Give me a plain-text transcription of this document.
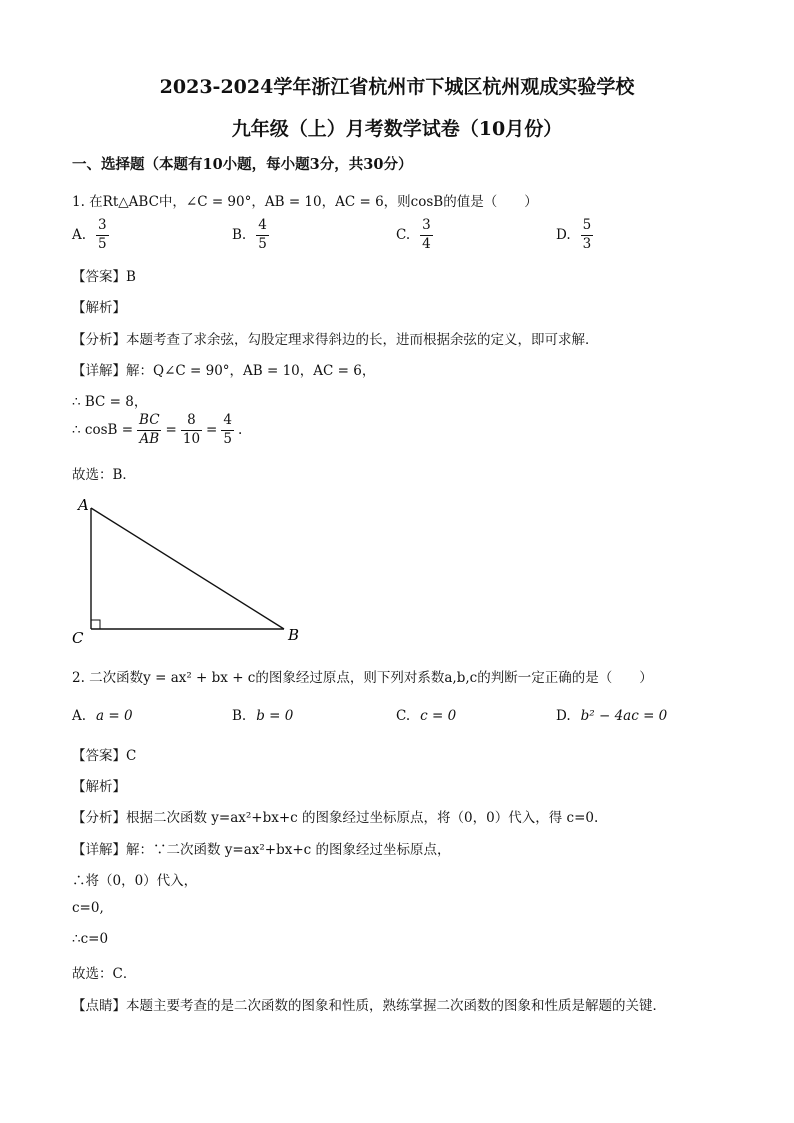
2023-2024学年浙江省杭州市下城区杭州观成实验学校
九年级（上）月考数学试卷（10月份）
一、选择题（本题有10小题，每小题3分，共30分）
1. 在Rt△ABC中，∠C = 90°，AB = 10，AC = 6，则cosB的值是（　　）
A. $\frac{3}{5}$	B. $\frac{4}{5}$	C. $\frac{3}{4}$	D. $\frac{5}{3}$
【答案】B
【解析】
【分析】本题考查了求余弦，勾股定理求得斜边的长，进而根据余弦的定义，即可求解．
【详解】解：Q∠C = 90°，AB = 10，AC = 6，
∴ BC = 8，
∴ $\cos B = \frac{BC}{AB} = \frac{8}{10} = \frac{4}{5}$ .
故选：B．
A
C	B
2. 二次函数y = ax² + bx + c的图象经过原点，则下列对系数a,b,c的判断一定正确的是（　　）
A. a = 0	B. b = 0	C. c = 0	D. b² − 4ac = 0
【答案】C
【解析】
【分析】根据二次函数 y=ax²+bx+c 的图象经过坐标原点，将（0，0）代入，得 c=0.
【详解】解：∵二次函数 y=ax²+bx+c 的图象经过坐标原点，
∴将（0，0）代入，
c=0,
∴c=0
故选：C．
【点睛】本题主要考查的是二次函数的图象和性质，熟练掌握二次函数的图象和性质是解题的关键．
